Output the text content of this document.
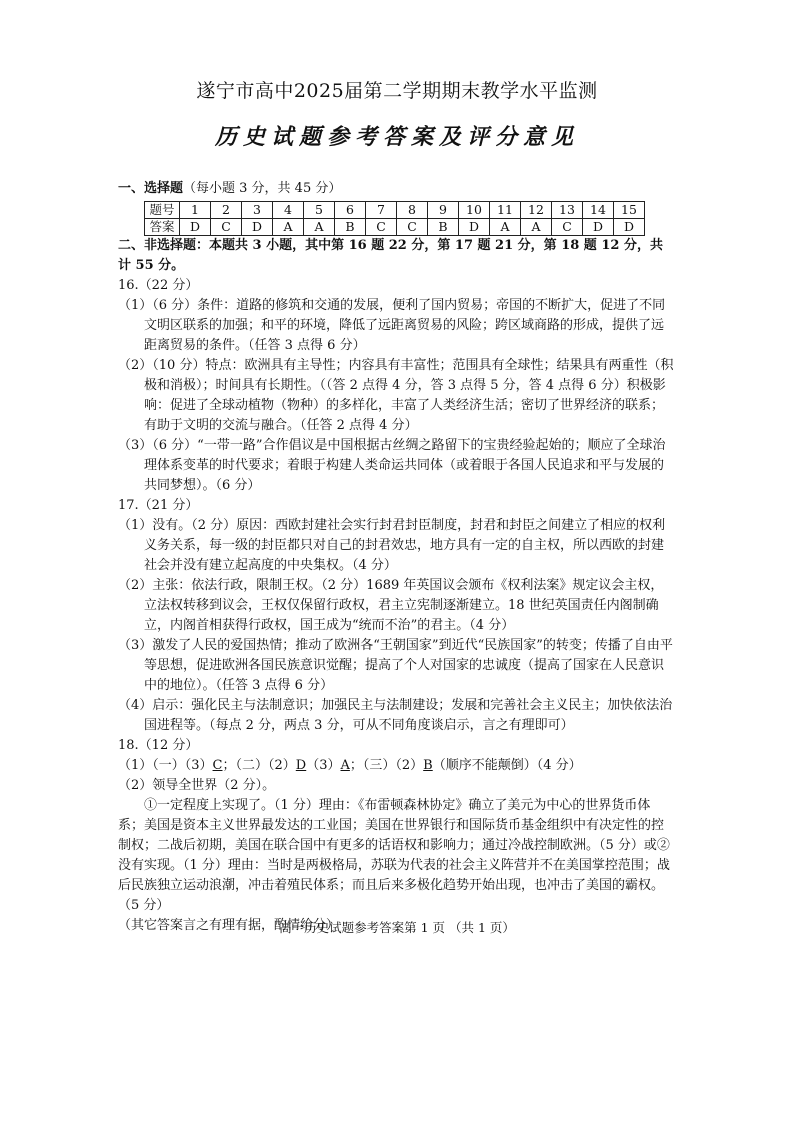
遂宁市高中2025届第二学期期末教学水平监测
历史试题参考答案及评分意见

一、选择题（每小题 3 分，共 45 分）

题号	1	2	3	4	5	6	7	8	9	10	11	12	13	14	15
答案	D	C	D	A	A	B	C	C	B	D	A	A	C	D	D

二、非选择题：本题共 3 小题，其中第 16 题 22 分，第 17 题 21 分，第 18 题 12 分，共计 55 分。

16.（22 分）

（1）（6 分）条件：道路的修筑和交通的发展，便利了国内贸易；帝国的不断扩大，促进了不同文明区联系的加强；和平的环境，降低了远距离贸易的风险；跨区域商路的形成，提供了远距离贸易的条件。（任答 3 点得 6 分）

（2）（10 分）特点：欧洲具有主导性；内容具有丰富性；范围具有全球性；结果具有两重性（积极和消极）；时间具有长期性。（（答 2 点得 4 分，答 3 点得 5 分，答 4 点得 6 分）积极影响：促进了全球动植物（物种）的多样化，丰富了人类经济生活；密切了世界经济的联系；有助于文明的交流与融合。（任答 2 点得 4 分）

（3）（6 分）“一带一路”合作倡议是中国根据古丝绸之路留下的宝贵经验起始的；顺应了全球治理体系变革的时代要求；着眼于构建人类命运共同体（或着眼于各国人民追求和平与发展的共同梦想）。（6 分）

17.（21 分）

（1）没有。（2 分）原因：西欧封建社会实行封君封臣制度，封君和封臣之间建立了相应的权利义务关系，每一级的封臣都只对自己的封君效忠，地方具有一定的自主权，所以西欧的封建社会并没有建立起高度的中央集权。（4 分）

（2）主张：依法行政，限制王权。（2 分）1689 年英国议会颁布《权利法案》规定议会主权，立法权转移到议会，王权仅保留行政权，君主立宪制逐渐建立。18 世纪英国责任内阁制确立，内阁首相获得行政权，国王成为“统而不治”的君主。（4 分）

（3）激发了人民的爱国热情；推动了欧洲各“王朝国家”到近代“民族国家”的转变；传播了自由平等思想，促进欧洲各国民族意识觉醒；提高了个人对国家的忠诚度（提高了国家在人民意识中的地位）。（任答 3 点得 6 分）

（4）启示：强化民主与法制意识；加强民主与法制建设；发展和完善社会主义民主；加快依法治国进程等。（每点 2 分，两点 3 分，可从不同角度谈启示，言之有理即可）

18.（12 分）

（1）（一）（3）C；（二）（2）D（3）A；（三）（2）B（顺序不能颠倒）（4 分）

（2）领导全世界（2 分）。

①一定程度上实现了。（1 分）理由：《布雷顿森林协定》确立了美元为中心的世界货币体系；美国是资本主义世界最发达的工业国；美国在世界银行和国际货币基金组织中有决定性的控制权；二战后初期，美国在联合国中有更多的话语权和影响力；通过冷战控制欧洲。（5 分）或②没有实现。（1 分）理由：当时是两极格局，苏联为代表的社会主义阵营并不在美国掌控范围；战后民族独立运动浪潮，冲击着殖民体系；而且后来多极化趋势开始出现，也冲击了美国的霸权。（5 分）

（其它答案言之有理有据，酌情给分）

高一历史试题参考答案第 1 页 （共 1 页）
